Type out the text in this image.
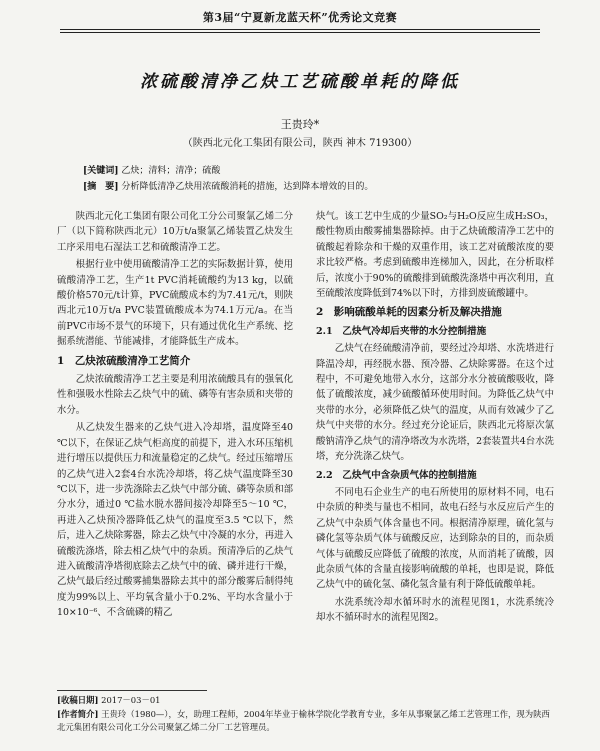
第3届“宁夏新龙蓝天杯”优秀论文竞赛
浓硫酸清净乙炔工艺硫酸单耗的降低
王贵玲*
（陕西北元化工集团有限公司，陕西 神木 719300）
[关键词] 乙炔；清料；清净；硫酸
[摘　要] 分析降低清净乙炔用浓硫酸消耗的措施，达到降本增效的目的。

陕西北元化工集团有限公司化工分公司聚氯乙烯二分厂（以下简称陕西北元）10万t/a聚氯乙烯装置乙炔发生工序采用电石湿法工艺和硫酸清净工艺。

根据行业中使用硫酸清净工艺的实际数据计算，使用硫酸清净工艺，生产1t PVC消耗硫酸约为13 kg，以硫酸价格570元/t计算，PVC硫酸成本约为7.41元/t，则陕西北元10万t/a PVC装置硫酸成本为74.1万元/a。在当前PVC市场不景气的环境下，只有通过优化生产系统、挖掘系统潜能、节能减排，才能降低生产成本。

1　乙炔浓硫酸清净工艺简介

乙炔浓硫酸清净工艺主要是利用浓硫酸具有的强氧化性和强吸水性除去乙炔气中的硫、磷等有害杂质和夹带的水分。

从乙炔发生器来的乙炔气进入冷却塔，温度降至40 ℃以下，在保证乙炔气柜高度的前提下，进入水环压缩机进行增压以提供压力和流量稳定的乙炔气。经过压缩增压的乙炔气进入2套4台水洗冷却塔，将乙炔气温度降至30 ℃以下，进一步洗涤除去乙炔气中部分硫、磷等杂质和部分水分，通过0 ℃盐水脱水器间接冷却降至5～10 ℃，再进入乙炔预冷器降低乙炔气的温度至3.5 ℃以下，然后，进入乙炔除雾器，除去乙炔气中冷凝的水分，再进入硫酸洗涤塔，除去相乙炔气中的杂质。预清净后的乙炔气进入硫酸清净塔彻底除去乙炔气中的硫、磷并进行干燥，乙炔气最后经过酸雾捕集器除去其中的部分酸雾后制得纯度为99%以上、平均氧含量小于0.2%、平均水含量小于10×10⁻⁶、不含硫磷的精乙

炔气。该工艺中生成的少量SO₂与H₂O反应生成H₂SO₃，酸性物质由酸雾捕集器除掉。由于乙炔硫酸清净工艺中的硫酸起着除杂和干燥的双重作用，该工艺对硫酸浓度的要求比较严格。考虑到硫酸串连梯加入，因此，在分析取样后，浓度小于90%的硫酸排到硫酸洗涤塔中再次利用，直至硫酸浓度降低到74%以下时，方排到废硫酸罐中。

2　影响硫酸单耗的因素分析及解决措施
2.1　乙炔气冷却后夹带的水分控制措施

乙炔气在经硫酸清净前，要经过冷却塔、水洗塔进行降温冷却，再经脱水器、预冷器、乙炔除雾器。在这个过程中，不可避免地带入水分，这部分水分被硫酸吸收，降低了硫酸浓度，减少硫酸循环使用时间。为降低乙炔气中夹带的水分，必须降低乙炔气的温度，从而有效减少了乙炔气中夹带的水分。经过充分论证后，陕西北元将原次氯酸钠清净乙炔气的清净塔改为水洗塔，2套装置共4台水洗塔，充分洗涤乙炔气。

2.2　乙炔气中含杂质气体的控制措施

不同电石企业生产的电石所使用的原材料不同，电石中杂质的种类与量也不相同，故电石经与水反应后产生的乙炔气中杂质气体含量也不同。根据清净原理，硫化氢与磷化氢等杂质气体与硫酸反应，达到除杂的目的，而杂质气体与硫酸反应降低了硫酸的浓度，从而消耗了硫酸，因此杂质气体的含量直接影响硫酸的单耗，也即是说，降低乙炔气中的硫化氢、磷化氢含量有利于降低硫酸单耗。

水洗系统冷却水循环时水的流程见图1，水洗系统冷却水不循环时水的流程见图2。

[收稿日期] 2017－03－01
[作者简介] 王贵玲（1980—），女，助理工程师，2004年毕业于榆林学院化学教育专业，多年从事聚氯乙烯工艺管理工作，现为陕西北元集团有限公司化工分公司聚氯乙烯二分厂工艺管理员。
